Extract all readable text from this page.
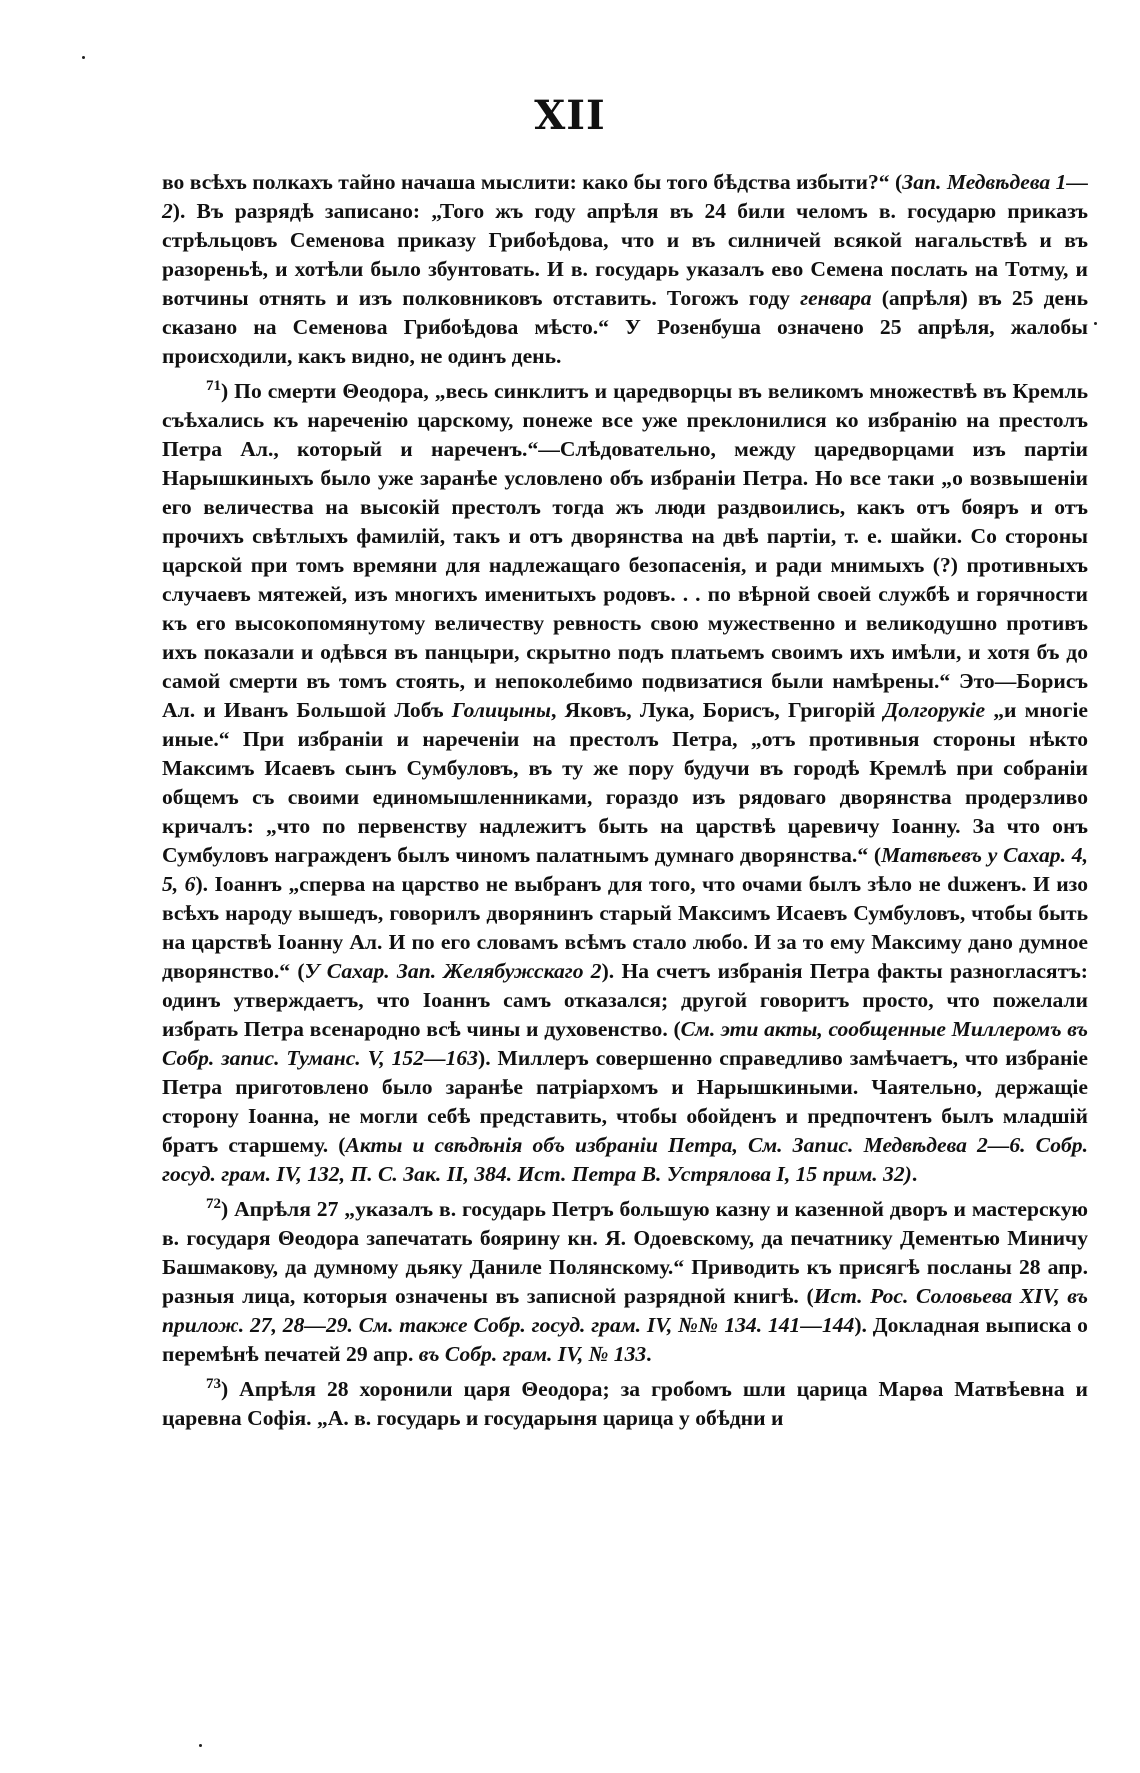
XII

во всѣхъ полкахъ тайно начаша мыслити: како бы того бѣдства избыти?“ (Зап. Медвѣдева 1—2). Въ разрядѣ записано: „Того жъ году апрѣля въ 24 били челомъ в. государю приказъ стрѣльцовъ Семенова приказу Грибоѣдова, что и въ силничей всякой нагальствѣ и въ разореньѣ, и хотѣли было збунтовать. И в. государь указалъ ево Семена послать на Тотму, и вотчины отнять и изъ полковниковъ отставить. Тогожъ году генвара (апрѣля) въ 25 день сказано на Семенова Грибоѣдова мѣсто.“ У Розенбуша означено 25 апрѣля, жалобы происходили, какъ видно, не одинъ день.

$^{71}$) По смерти Θеодора, „весь синклитъ и царедворцы въ великомъ множествѣ въ Кремль съѣхались къ нареченію царскому, понеже все уже преклонилися ко избранію на престолъ Петра Ал., который и нареченъ.“—Слѣдовательно, между царедворцами изъ партіи Нарышкиныхъ было уже заранѣе условлено объ избраніи Петра. Но все таки „о возвышеніи его величества на высокій престолъ тогда жъ люди раздвоились, какъ отъ бояръ и отъ прочихъ свѣтлыхъ фамилій, такъ и отъ дворянства на двѣ партіи, т. е. шайки. Со стороны царской при томъ времяни для надлежащаго безопасенія, и ради мнимыхъ (?) противныхъ случаевъ мятежей, изъ многихъ именитыхъ родовъ. . . по вѣрной своей службѣ и горячности къ его высокопомянутому величеству ревность свою мужественно и великодушно противъ ихъ показали и одѣвся въ панцыри, скрытно подъ платьемъ своимъ ихъ имѣли, и хотя бъ до самой смерти въ томъ стоять, и непоколебимо подвизатися были намѣрены.“ Это—Борисъ Ал. и Иванъ Большой Лобъ Голицыны, Яковъ, Лука, Борисъ, Григорій Долгорукіе „и многіе иные.“ При избраніи и нареченіи на престолъ Петра, „отъ противныя стороны нѣкто Максимъ Исаевъ сынъ Сумбуловъ, въ ту же пору будучи въ городѣ Кремлѣ при собраніи общемъ съ своими единомышленниками, гораздо изъ рядоваго дворянства продерзливо кричалъ: „что по первенству надлежитъ быть на царствѣ царевичу Іоанну. За что онъ Сумбуловъ награжденъ былъ чиномъ палатнымъ думнаго дворянства.“ (Матвѣевъ у Сахар. 4, 5, 6). Іоаннъ „сперва на царство не выбранъ для того, что очами былъ зѣло не duженъ. И изо всѣхъ народу вышедъ, говорилъ дворянинъ старый Максимъ Исаевъ Сумбуловъ, чтобы быть на царствѣ Іоанну Ал. И по его словамъ всѣмъ стало любо. И за то ему Максиму дано думное дворянство.“ (У Сахар. Зап. Желябужскаго 2). На счетъ избранія Петра факты разногласятъ: одинъ утверждаетъ, что Іоаннъ самъ отказался; другой говоритъ просто, что пожелали избрать Петра всенародно всѣ чины и духовенство. (См. эти акты, сообщенные Миллеромъ въ Собр. запис. Туманс. V, 152—163). Миллеръ совершенно справедливо замѣчаетъ, что избраніе Петра приготовлено было заранѣе патріархомъ и Нарышкиными. Чаятельно, держащіе сторону Іоанна, не могли себѣ представить, чтобы обойденъ и предпочтенъ былъ младшій братъ старшему. (Акты и свѣдѣнія объ избраніи Петра, См. Запис. Медвѣдева 2—6. Собр. госуд. грам. IV, 132, П. С. Зак. II, 384. Ист. Петра В. Устрялова I, 15 прим. 32).

$^{72}$) Апрѣля 27 „указалъ в. государь Петръ большую казну и казенной дворъ и мастерскую в. государя Θеодора запечатать боярину кн. Я. Одоевскому, да печатнику Дементью Миничу Башмакову, да думному дьяку Даниле Полянскому.“ Приводить къ присягѣ посланы 28 апр. разныя лица, которыя означены въ записной разрядной книгѣ. (Ист. Рос. Соловьева XIV, въ прилож. 27, 28—29. См. также Собр. госуд. грам. IV, №№ 134. 141—144). Докладная выписка о перемѣнѣ печатей 29 апр. въ Собр. грам. IV, № 133.

$^{73}$) Апрѣля 28 хоронили царя Θеодора; за гробомъ шли царица Марѳа Матвѣевна и царевна Софія. „А. в. государь и государыня царица у обѣдни и
